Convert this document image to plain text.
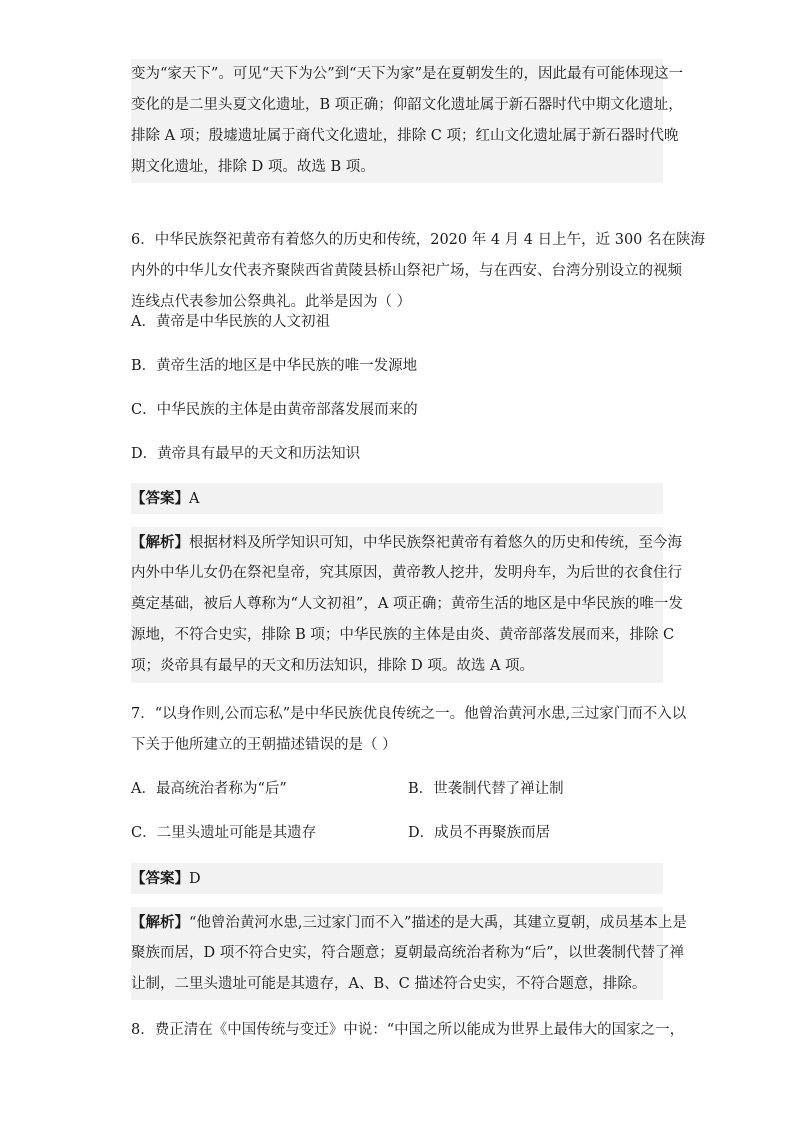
变为“家天下”。可见“天下为公”到“天下为家”是在夏朝发生的，因此最有可能体现这一
变化的是二里头夏文化遗址，B 项正确；仰韶文化遗址属于新石器时代中期文化遗址，
排除 A 项；殷墟遗址属于商代文化遗址，排除 C 项；红山文化遗址属于新石器时代晚
期文化遗址，排除 D 项。故选 B 项。
6．中华民族祭祀黄帝有着悠久的历史和传统，2020 年 4 月 4 日上午，近 300 名在陕海
内外的中华儿女代表齐聚陕西省黄陵县桥山祭祀广场，与在西安、台湾分别设立的视频
连线点代表参加公祭典礼。此举是因为（ ）
A．黄帝是中华民族的人文初祖
B．黄帝生活的地区是中华民族的唯一发源地
C．中华民族的主体是由黄帝部落发展而来的
D．黄帝具有最早的天文和历法知识
【答案】A
【解析】根据材料及所学知识可知，中华民族祭祀黄帝有着悠久的历史和传统，至今海
内外中华儿女仍在祭祀皇帝，究其原因，黄帝教人挖井，发明舟车，为后世的衣食住行
奠定基础，被后人尊称为“人文初祖”，A 项正确；黄帝生活的地区是中华民族的唯一发
源地，不符合史实，排除 B 项；中华民族的主体是由炎、黄帝部落发展而来，排除 C
项；炎帝具有最早的天文和历法知识，排除 D 项。故选 A 项。
7．“以身作则,公而忘私”是中华民族优良传统之一。他曾治黄河水患,三过家门而不入以
下关于他所建立的王朝描述错误的是（ ）
A．最高统治者称为“后”	B．世袭制代替了禅让制
C．二里头遗址可能是其遗存	D．成员不再聚族而居
【答案】D
【解析】“他曾治黄河水患,三过家门而不入”描述的是大禹，其建立夏朝，成员基本上是
聚族而居，D 项不符合史实，符合题意；夏朝最高统治者称为“后”，以世袭制代替了禅
让制，二里头遗址可能是其遗存，A、B、C 描述符合史实，不符合题意，排除。
8．费正清在《中国传统与变迁》中说：“中国之所以能成为世界上最伟大的国家之一，
